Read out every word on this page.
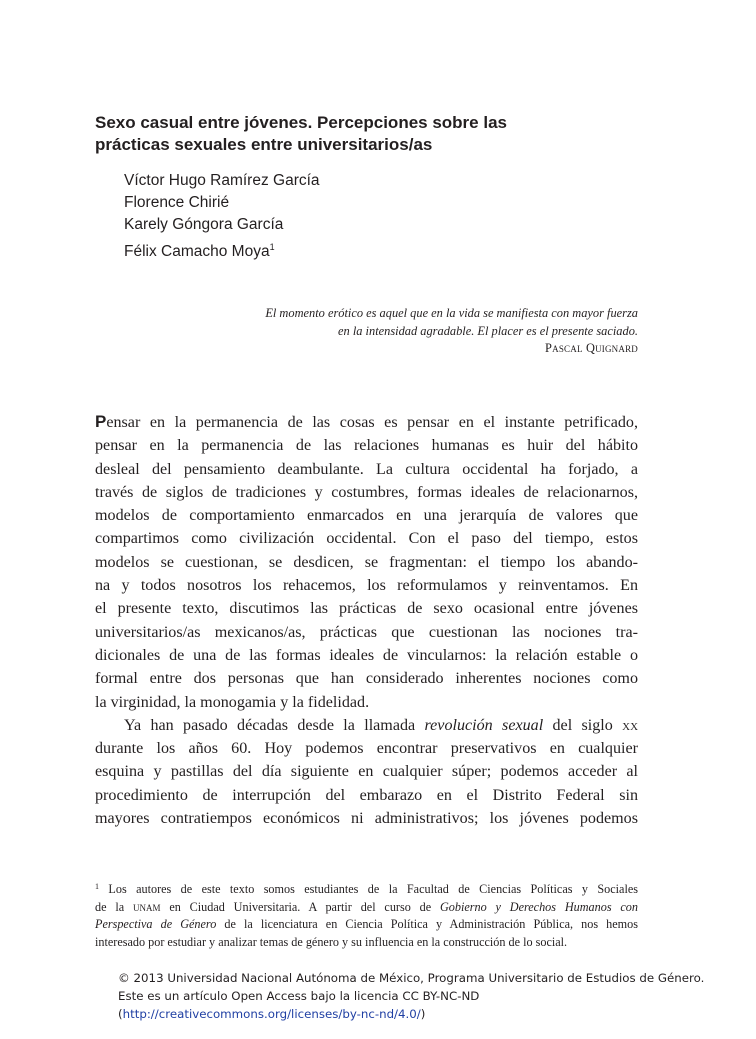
Sexo casual entre jóvenes. Percepciones sobre las
prácticas sexuales entre universitarios/as
Víctor Hugo Ramírez García
Florence Chirié
Karely Góngora García
Félix Camacho Moya$^1$
El momento erótico es aquel que en la vida se manifiesta con mayor fuerza
en la intensidad agradable. El placer es el presente saciado.
Pascal Quignard
Pensar en la permanencia de las cosas es pensar en el instante petrificado,
pensar en la permanencia de las relaciones humanas es huir del hábito
desleal del pensamiento deambulante. La cultura occidental ha forjado, a
través de siglos de tradiciones y costumbres, formas ideales de relacionarnos,
modelos de comportamiento enmarcados en una jerarquía de valores que
compartimos como civilización occidental. Con el paso del tiempo, estos
modelos se cuestionan, se desdicen, se fragmentan: el tiempo los abando-
na y todos nosotros los rehacemos, los reformulamos y reinventamos. En
el presente texto, discutimos las prácticas de sexo ocasional entre jóvenes
universitarios/as mexicanos/as, prácticas que cuestionan las nociones tra-
dicionales de una de las formas ideales de vincularnos: la relación estable o
formal entre dos personas que han considerado inherentes nociones como
la virginidad, la monogamia y la fidelidad.
Ya han pasado décadas desde la llamada revolución sexual del siglo xx
durante los años 60. Hoy podemos encontrar preservativos en cualquier
esquina y pastillas del día siguiente en cualquier súper; podemos acceder al
procedimiento de interrupción del embarazo en el Distrito Federal sin
mayores contratiempos económicos ni administrativos; los jóvenes podemos
$^1$ Los autores de este texto somos estudiantes de la Facultad de Ciencias Políticas y Sociales
de la unam en Ciudad Universitaria. A partir del curso de Gobierno y Derechos Humanos con
Perspectiva de Género de la licenciatura en Ciencia Política y Administración Pública, nos hemos
interesado por estudiar y analizar temas de género y su influencia en la construcción de lo social.
© 2013 Universidad Nacional Autónoma de México, Programa Universitario de Estudios de Género.
Este es un artículo Open Access bajo la licencia CC BY-NC-ND
(http://creativecommons.org/licenses/by-nc-nd/4.0/)
